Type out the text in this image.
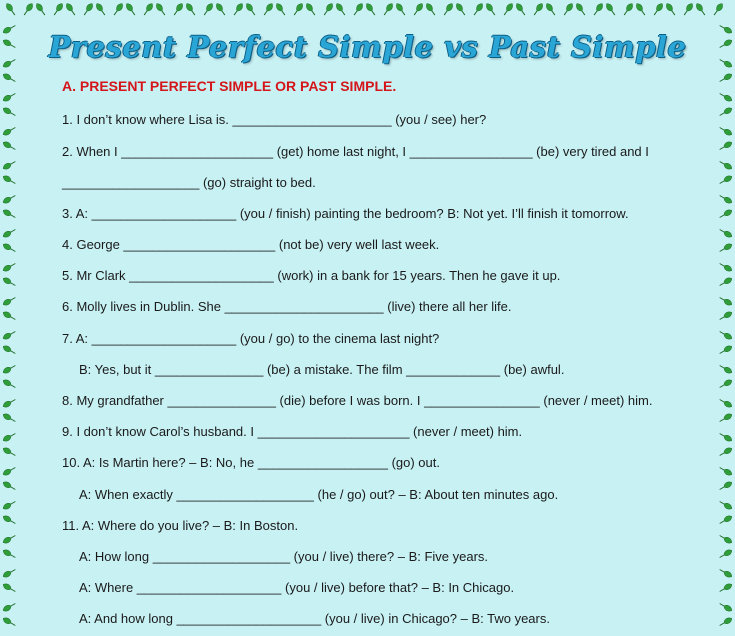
Present Perfect Simple vs Past Simple
A. PRESENT PERFECT SIMPLE OR PAST SIMPLE.
1. I don’t know where Lisa is. ______________________ (you / see) her?
2. When I _____________________ (get) home last night, I _________________ (be) very tired and I
___________________ (go) straight to bed.
3. A: ____________________ (you / finish) painting the bedroom? B: Not yet. I’ll finish it tomorrow.
4. George _____________________ (not be) very well last week.
5. Mr Clark ____________________ (work) in a bank for 15 years. Then he gave it up.
6. Molly lives in Dublin. She ______________________ (live) there all her life.
7. A: ____________________ (you / go) to the cinema last night?
B: Yes, but it _______________ (be) a mistake. The film _____________ (be) awful.
8. My grandfather _______________ (die) before I was born. I ________________ (never / meet) him.
9. I don’t know Carol’s husband. I _____________________ (never / meet) him.
10. A: Is Martin here? – B: No, he __________________ (go) out.
A: When exactly ___________________ (he / go) out? – B: About ten minutes ago.
11. A: Where do you live? – B: In Boston.
A: How long ___________________ (you / live) there? – B: Five years.
A: Where ____________________ (you / live) before that? – B: In Chicago.
A: And how long ____________________ (you / live) in Chicago? – B: Two years.
